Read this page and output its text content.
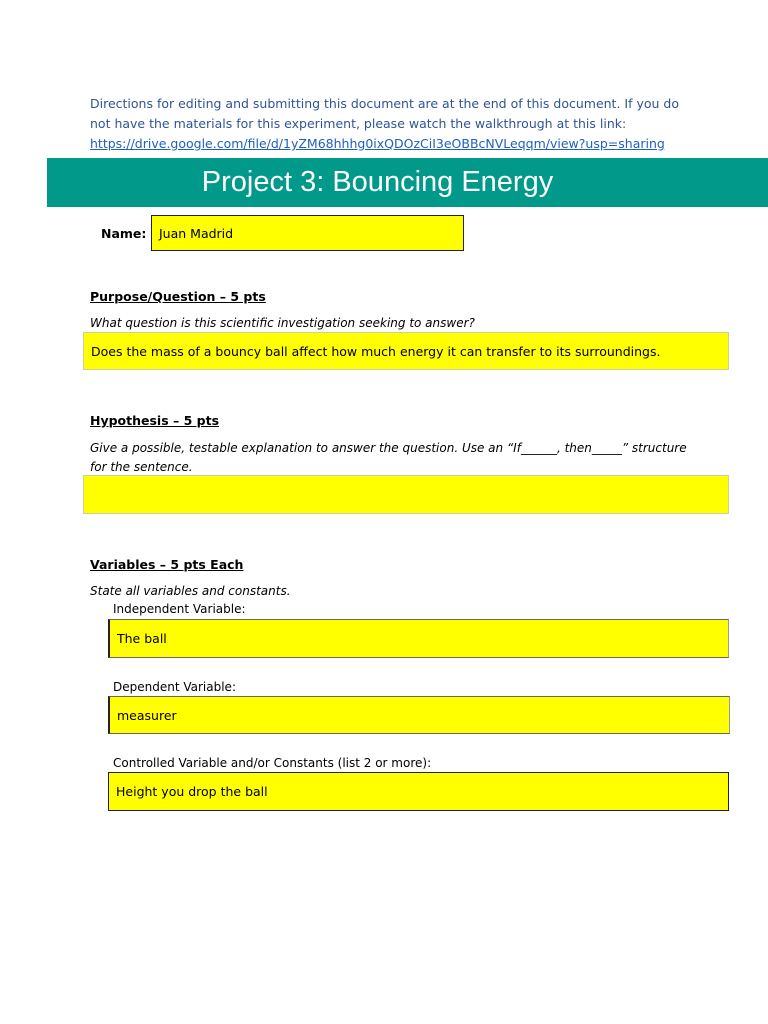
Directions for editing and submitting this document are at the end of this document. If you do not have the materials for this experiment, please watch the walkthrough at this link:
https://drive.google.com/file/d/1yZM68hhhg0ixQDOzCiI3eOBBcNVLeqqm/view?usp=sharing
Project 3: Bouncing Energy
Name:	Juan Madrid
Purpose/Question – 5 pts
What question is this scientific investigation seeking to answer?
Does the mass of a bouncy ball affect how much energy it can transfer to its surroundings.
Hypothesis – 5 pts
Give a possible, testable explanation to answer the question. Use an “If______, then_____” structure for the sentence.
Variables – 5 pts Each
State all variables and constants.
Independent Variable:
The ball
Dependent Variable:
measurer
Controlled Variable and/or Constants (list 2 or more):
Height you drop the ball
